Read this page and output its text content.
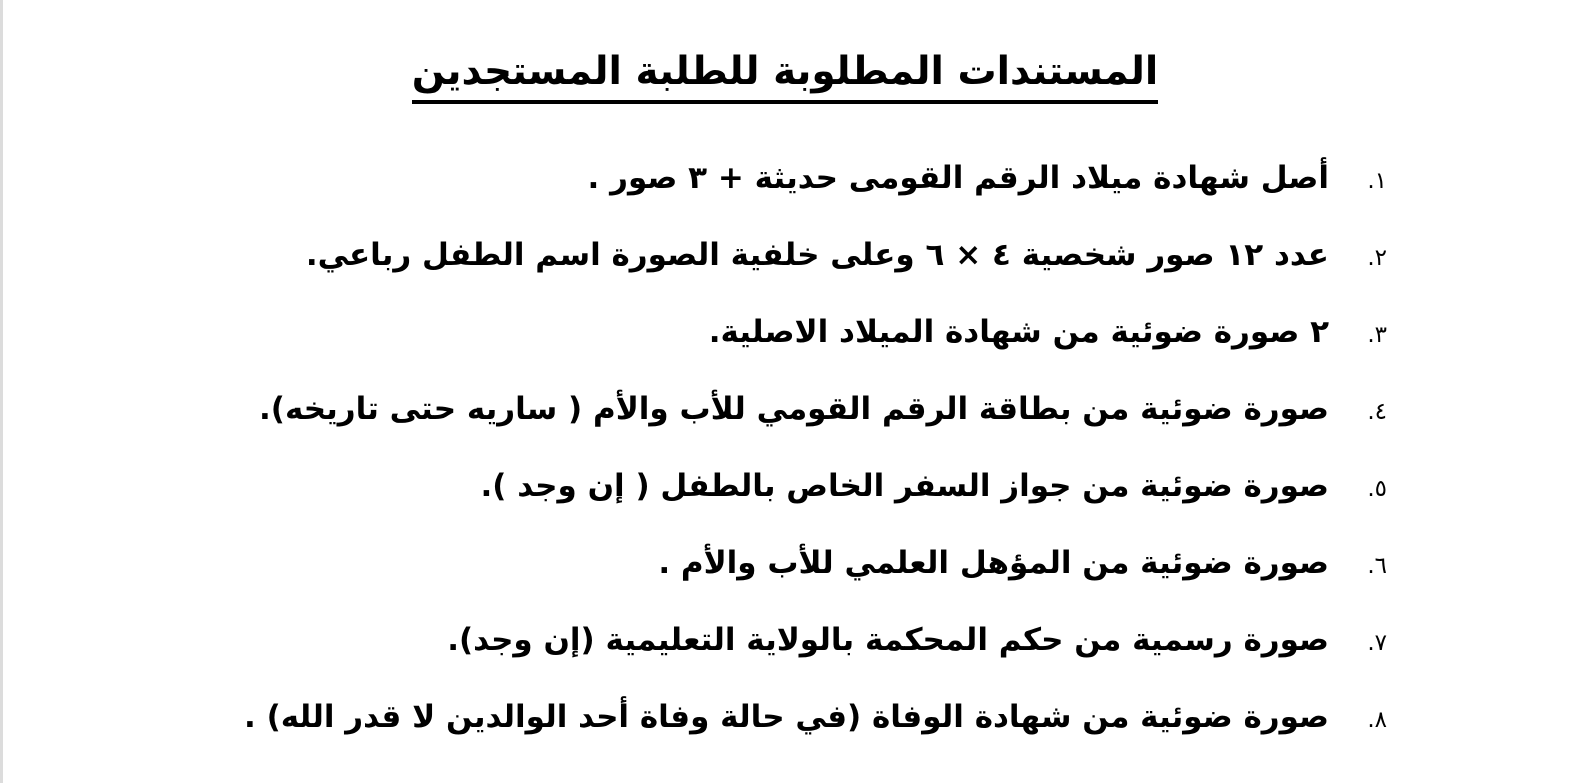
المستندات المطلوبة للطلبة المستجدين
١.أصل شهادة ميلاد الرقم القومى حديثة + ٣ صور .
٢.عدد ١٢ صور شخصية ٤ × ٦ وعلى خلفية الصورة اسم الطفل رباعي.
٣.٢ صورة ضوئية من شهادة الميلاد الاصلية.
٤.صورة ضوئية من بطاقة الرقم القومي للأب والأم ( ساريه حتى تاريخه).
٥.صورة ضوئية من جواز السفر الخاص بالطفل ( إن وجد ).
٦.صورة ضوئية من المؤهل العلمي للأب والأم .
٧.صورة رسمية من حكم المحكمة بالولاية التعليمية (إن وجد).
٨.صورة ضوئية من شهادة الوفاة (في حالة وفاة أحد الوالدين لا قدر الله) .
